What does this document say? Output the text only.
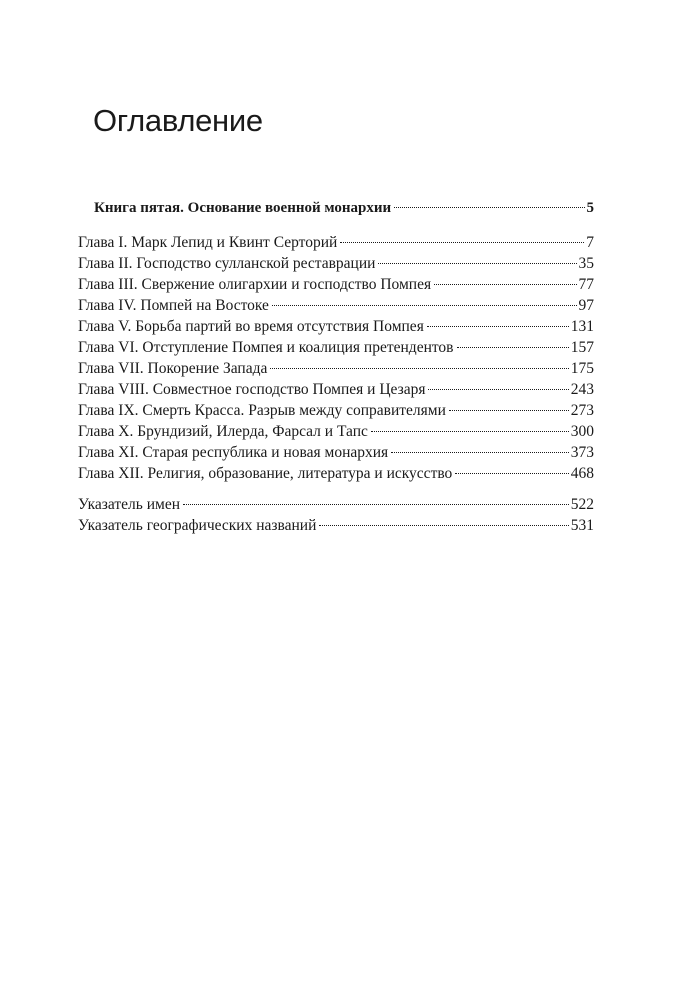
Оглавление
Книга пятая. Основание военной монархии	5
Глава I. Марк Лепид и Квинт Серторий	7
Глава II. Господство сулланской реставрации	35
Глава III. Свержение олигархии и господство Помпея	77
Глава IV. Помпей на Востоке	97
Глава V. Борьба партий во время отсутствия Помпея	131
Глава VI. Отступление Помпея и коалиция претендентов	157
Глава VII. Покорение Запада	175
Глава VIII. Совместное господство Помпея и Цезаря	243
Глава IX. Смерть Красса. Разрыв между соправителями	273
Глава X. Брундизий, Илерда, Фарсал и Тапс	300
Глава XI. Старая республика и новая монархия	373
Глава XII. Религия, образование, литература и искусство	468
Указатель имен	522
Указатель географических названий	531
